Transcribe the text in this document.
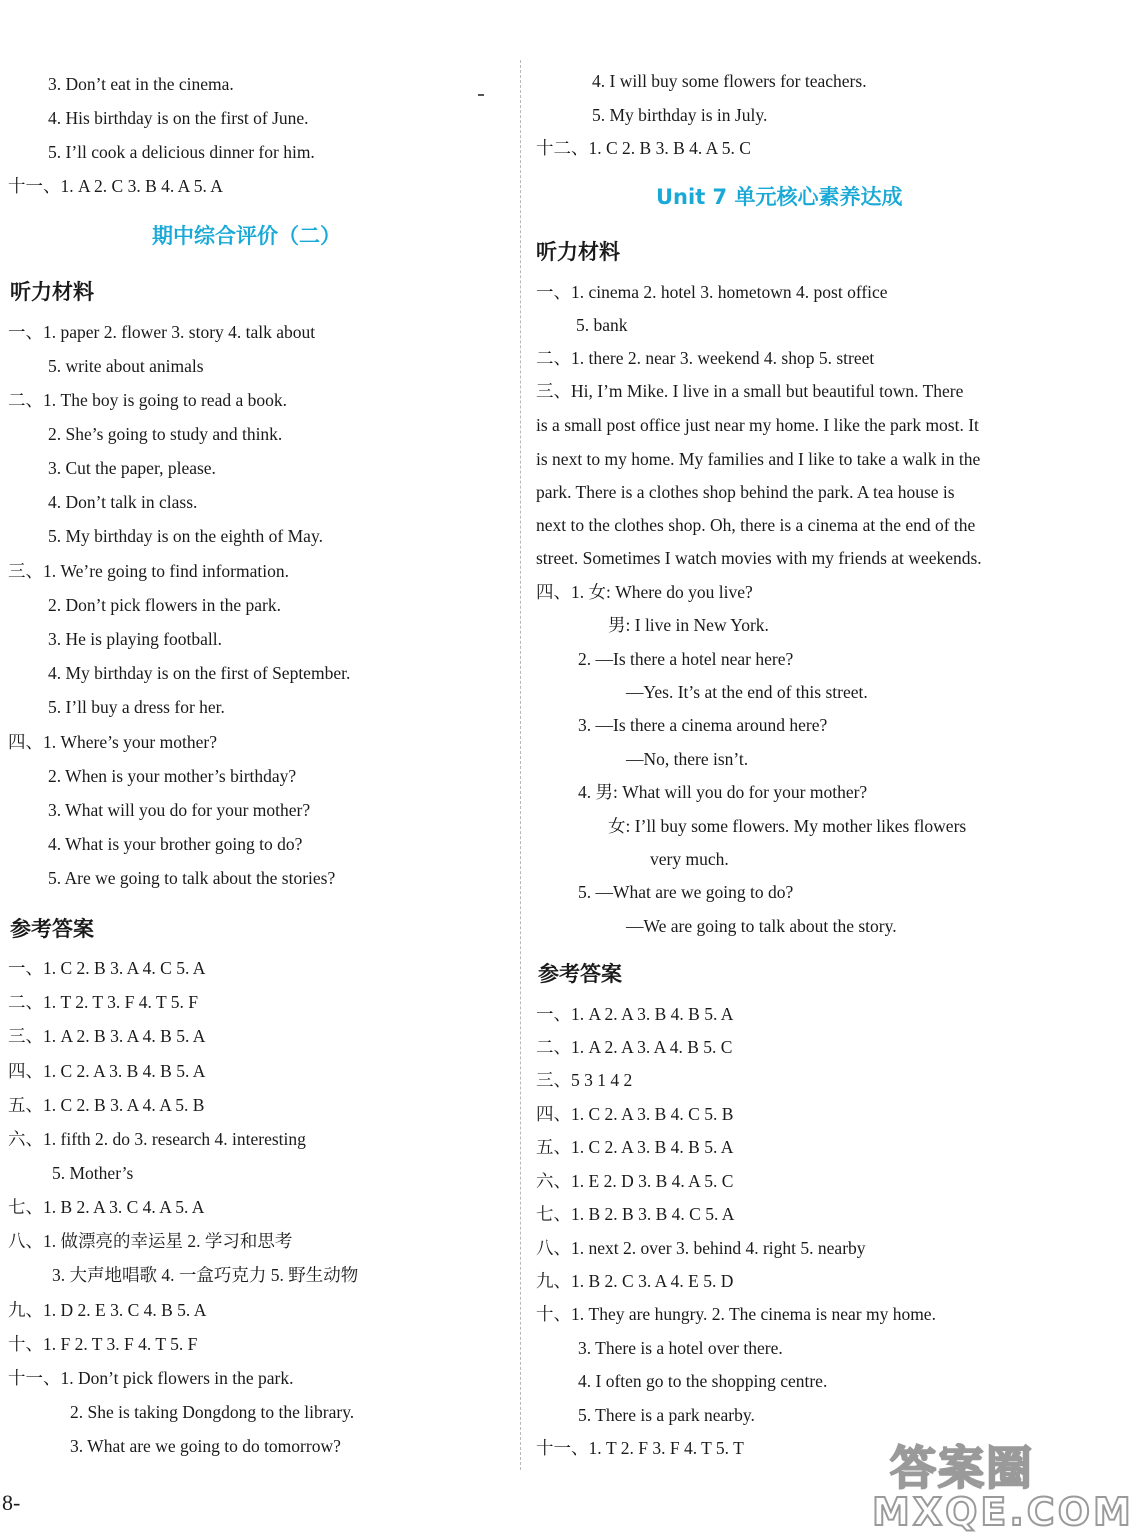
3. Don’t eat in the cinema.
4. His birthday is on the first of June.
5. I’ll cook a delicious dinner for him.
十一、1. A 2. C 3. B 4. A 5. A
期中综合评价（二）
听力材料
一、1. paper 2. flower 3. story 4. talk about
5. write about animals
二、1. The boy is going to read a book.
2. She’s going to study and think.
3. Cut the paper, please.
4. Don’t talk in class.
5. My birthday is on the eighth of May.
三、1. We’re going to find information.
2. Don’t pick flowers in the park.
3. He is playing football.
4. My birthday is on the first of September.
5. I’ll buy a dress for her.
四、1. Where’s your mother?
2. When is your mother’s birthday?
3. What will you do for your mother?
4. What is your brother going to do?
5. Are we going to talk about the stories?
参考答案
一、1. C 2. B 3. A 4. C 5. A
二、1. T 2. T 3. F 4. T 5. F
三、1. A 2. B 3. A 4. B 5. A
四、1. C 2. A 3. B 4. B 5. A
五、1. C 2. B 3. A 4. A 5. B
六、1. fifth 2. do 3. research 4. interesting
5. Mother’s
七、1. B 2. A 3. C 4. A 5. A
八、1. 做漂亮的幸运星 2. 学习和思考
3. 大声地唱歌 4. 一盒巧克力 5. 野生动物
九、1. D 2. E 3. C 4. B 5. A
十、1. F 2. T 3. F 4. T 5. F
十一、1. Don’t pick flowers in the park.
2. She is taking Dongdong to the library.
3. What are we going to do tomorrow?
4. I will buy some flowers for teachers.
5. My birthday is in July.
十二、1. C 2. B 3. B 4. A 5. C
Unit 7 单元核心素养达成
听力材料
一、1. cinema 2. hotel 3. hometown 4. post office
5. bank
二、1. there 2. near 3. weekend 4. shop 5. street
三、Hi, I’m Mike. I live in a small but beautiful town. There
is a small post office just near my home. I like the park most. It
is next to my home. My families and I like to take a walk in the
park. There is a clothes shop behind the park. A tea house is
next to the clothes shop. Oh, there is a cinema at the end of the
street. Sometimes I watch movies with my friends at weekends.
四、1. 女: Where do you live?
男: I live in New York.
2. —Is there a hotel near here?
—Yes. It’s at the end of this street.
3. —Is there a cinema around here?
—No, there isn’t.
4. 男: What will you do for your mother?
女: I’ll buy some flowers. My mother likes flowers
very much.
5. —What are we going to do?
—We are going to talk about the story.
参考答案
一、1. A 2. A 3. B 4. B 5. A
二、1. A 2. A 3. A 4. B 5. C
三、5 3 1 4 2
四、1. C 2. A 3. B 4. C 5. B
五、1. C 2. A 3. B 4. B 5. A
六、1. E 2. D 3. B 4. A 5. C
七、1. B 2. B 3. B 4. C 5. A
八、1. next 2. over 3. behind 4. right 5. nearby
九、1. B 2. C 3. A 4. E 5. D
十、1. They are hungry. 2. The cinema is near my home.
3. There is a hotel over there.
4. I often go to the shopping centre.
5. There is a park nearby.
十一、1. T 2. F 3. F 4. T 5. T
8-
答案圈
MXQE.COM
